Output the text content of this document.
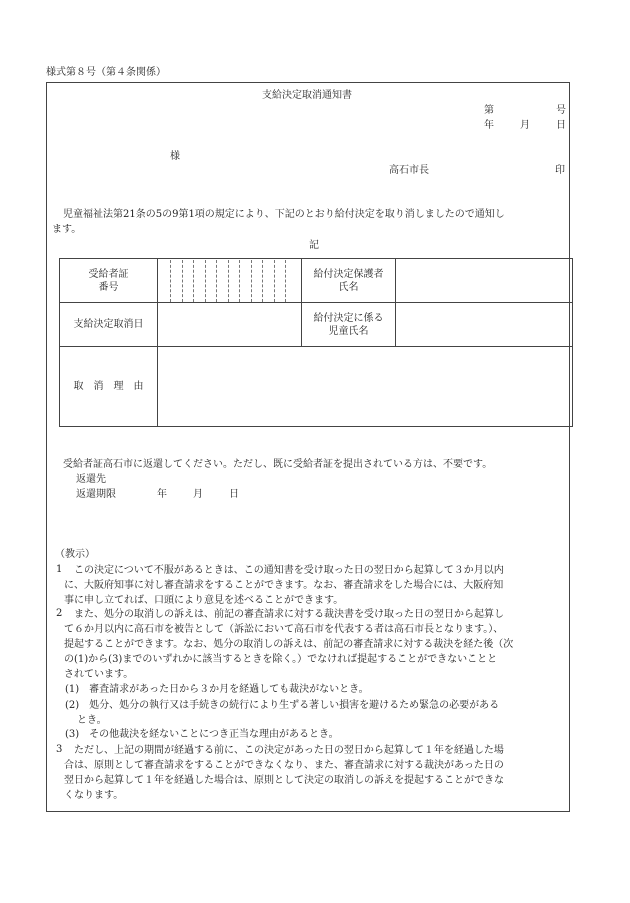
様式第８号（第４条関係）
支給決定取消通知書
第	号
年	月	日
様
高石市長	印
児童福祉法第21条の5の9第1項の規定により、下記のとおり給付決定を取り消しましたので通知し
ます。
記
受給者証
番号		給付決定保護者
氏名	
支給決定取消日		給付決定に係る
児童氏名	
取　消　理　由			
受給者証高石市に返還してください。ただし、既に受給者証を提出されている方は、不要です。
返還先
返還期限	年	月	日
（教示）
1	この決定について不服があるときは、この通知書を受け取った日の翌日から起算して３か月以内
に、大阪府知事に対し審査請求をすることができます。なお、審査請求をした場合には、大阪府知
事に申し立てれば、口頭により意見を述べることができます。
2	また、処分の取消しの訴えは、前記の審査請求に対する裁決書を受け取った日の翌日から起算し
て６か月以内に高石市を被告として（訴訟において高石市を代表する者は高石市長となります。）、
提起することができます。なお、処分の取消しの訴えは、前記の審査請求に対する裁決を経た後（次
の(1)から(3)までのいずれかに該当するときを除く。）でなければ提起することができないことと
されています。
(1)　審査請求があった日から３か月を経過しても裁決がないとき。
(2)　処分、処分の執行又は手続きの続行により生ずる著しい損害を避けるため緊急の必要がある
とき。
(3)　その他裁決を経ないことにつき正当な理由があるとき。
3	ただし、上記の期間が経過する前に、この決定があった日の翌日から起算して１年を経過した場
合は、原則として審査請求をすることができなくなり、また、審査請求に対する裁決があった日の
翌日から起算して１年を経過した場合は、原則として決定の取消しの訴えを提起することができな
くなります。
